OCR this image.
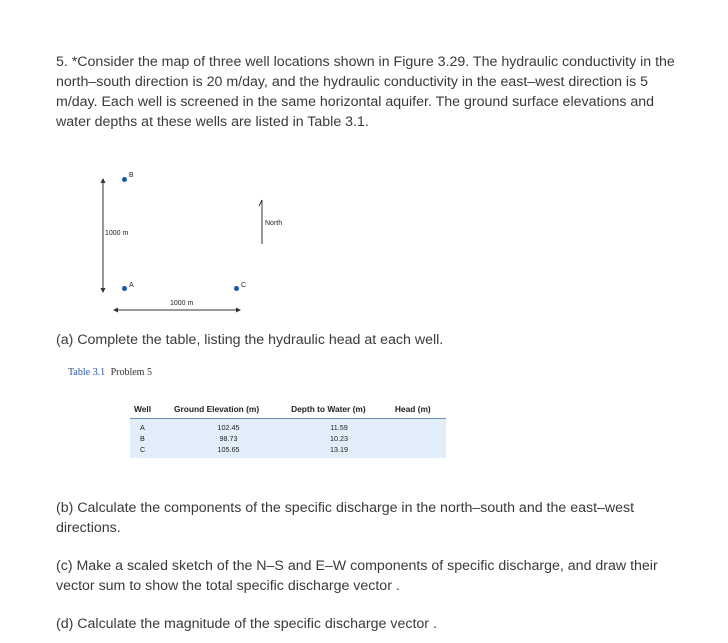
5. *Consider the map of three well locations shown in Figure 3.29. The hydraulic conductivity in the north–south direction is 20 m/day, and the hydraulic conductivity in the east–west direction is 5 m/day. Each well is screened in the same horizontal aquifer. The ground surface elevations and water depths at these wells are listed in Table 3.1.

1000 m
1000 m
North
B
A	C

(a) Complete the table, listing the hydraulic head at each well.

Table 3.1 Problem 5
Well	Ground Elevation (m)	Depth to Water (m)	Head (m)
A	102.45	11.59	
B	98.73	10.23	
C	105.65	13.19	

(b) Calculate the components of the specific discharge in the north–south and the east–west directions.

(c) Make a scaled sketch of the N–S and E–W components of specific discharge, and draw their vector sum to show the total specific discharge vector .

(d) Calculate the magnitude of the specific discharge vector .
